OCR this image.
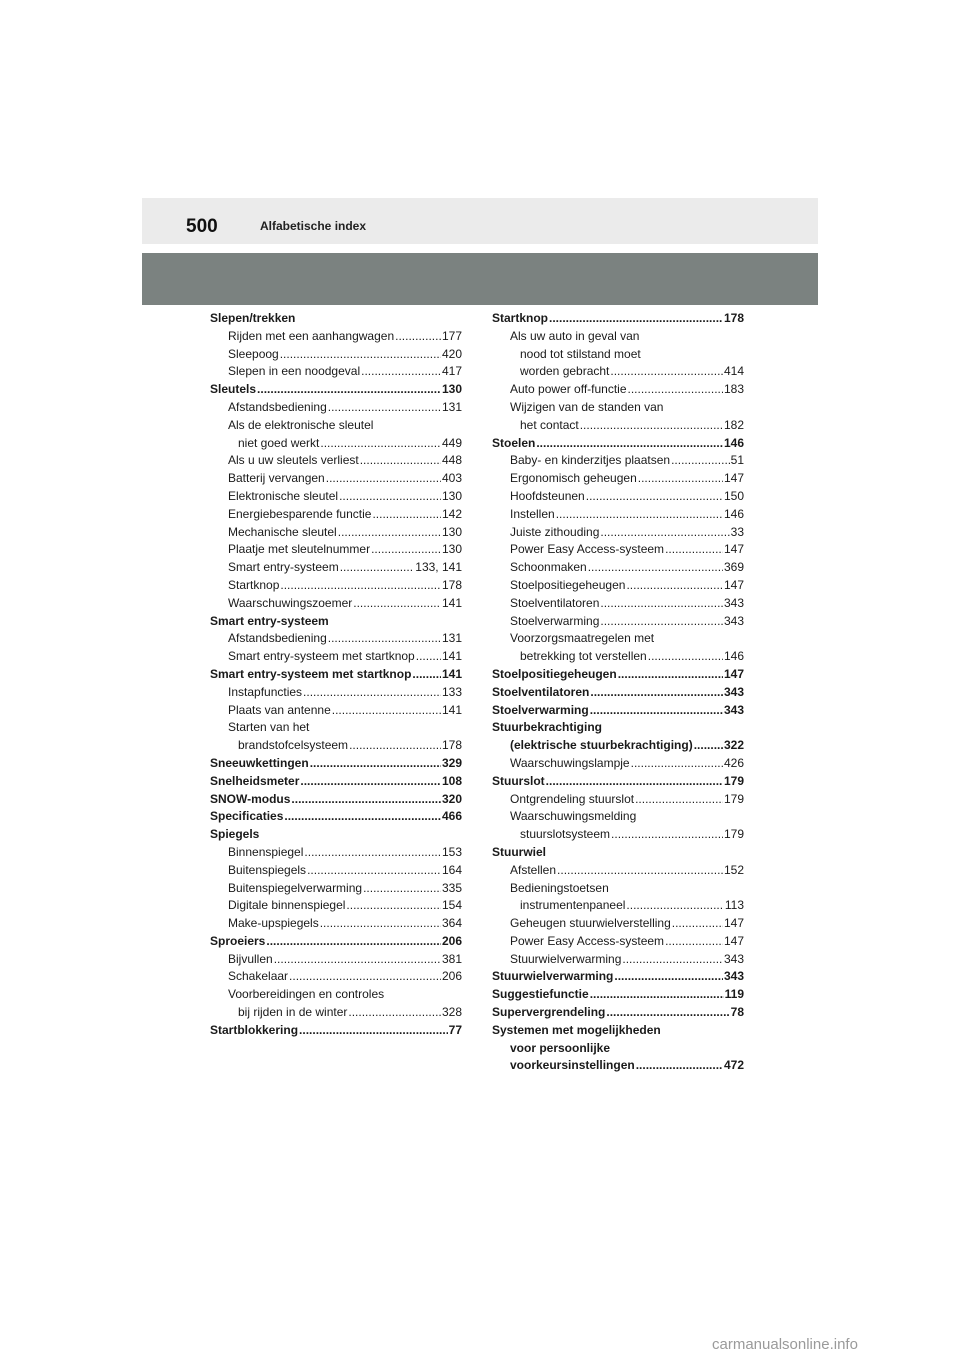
500	Alfabetische index
Slepen/trekken
Rijden met een aanhangwagen .....	177
Sleepoog .....	420
Slepen in een noodgeval .....	417
Sleutels .....	130
Afstandsbediening .....	131
Als de elektronische sleutel
niet goed werkt .....	449
Als u uw sleutels verliest .....	448
Batterij vervangen .....	403
Elektronische sleutel .....	130
Energiebesparende functie .....	142
Mechanische sleutel .....	130
Plaatje met sleutelnummer .....	130
Smart entry-systeem .....	133, 141
Startknop .....	178
Waarschuwingszoemer .....	141
Smart entry-systeem
Afstandsbediening .....	131
Smart entry-systeem met startknop ..... 141
Smart entry-systeem met startknop .....	141
Instapfuncties .....	133
Plaats van antenne .....	141
Starten van het
brandstofcelsysteem .....	178
Sneeuwkettingen .....	329
Snelheidsmeter .....	108
SNOW-modus .....	320
Specificaties .....	466
Spiegels
Binnenspiegel .....	153
Buitenspiegels .....	164
Buitenspiegelverwarming .....	335
Digitale binnenspiegel .....	154
Make-upspiegels .....	364
Sproeiers .....	206
Bijvullen .....	381
Schakelaar .....	206
Voorbereidingen en controles
bij rijden in de winter .....	328
Startblokkering .....	77
Startknop .....	178
Als uw auto in geval van
nood tot stilstand moet
worden gebracht .....	414
Auto power off-functie .....	183
Wijzigen van de standen van
het contact .....	182
Stoelen .....	146
Baby- en kinderzitjes plaatsen .....	51
Ergonomisch geheugen .....	147
Hoofdsteunen .....	150
Instellen .....	146
Juiste zithouding .....	33
Power Easy Access-systeem .....	147
Schoonmaken .....	369
Stoelpositiegeheugen .....	147
Stoelventilatoren .....	343
Stoelverwarming .....	343
Voorzorgsmaatregelen met
betrekking tot verstellen .....	146
Stoelpositiegeheugen .....	147
Stoelventilatoren .....	343
Stoelverwarming .....	343
Stuurbekrachtiging
(elektrische stuurbekrachtiging) .....	322
Waarschuwingslampje .....	426
Stuurslot .....	179
Ontgrendeling stuurslot .....	179
Waarschuwingsmelding
stuurslotsysteem .....	179
Stuurwiel
Afstellen .....	152
Bedieningstoetsen
instrumentenpaneel .....	113
Geheugen stuurwielverstelling .....	147
Power Easy Access-systeem .....	147
Stuurwielverwarming .....	343
Stuurwielverwarming .....	343
Suggestiefunctie .....	119
Supervergrendeling .....	78
Systemen met mogelijkheden
voor persoonlijke
voorkeursinstellingen .....	472
carmanualsonline.info
